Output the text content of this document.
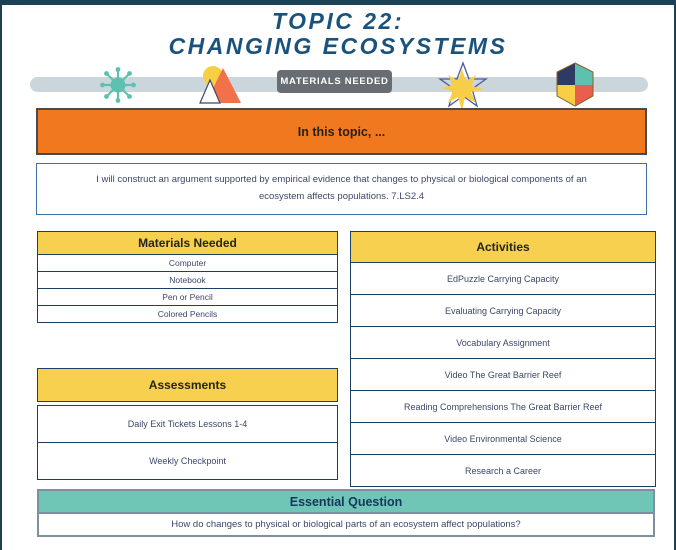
TOPIC 22:
CHANGING ECOSYSTEMS
MATERIALS NEEDED
In this topic, ...
I will construct an argument supported by empirical evidence that changes to physical or biological components of an ecosystem affects populations. 7.LS2.4
Materials Needed
Computer
Notebook
Pen or Pencil
Colored Pencils
Activities
EdPuzzle Carrying Capacity
Evaluating Carrying Capacity
Vocabulary Assignment
Video The Great Barrier Reef
Reading Comprehensions The Great Barrier Reef
Video Environmental Science
Research a Career
Assessments
Daily Exit Tickets Lessons 1-4
Weekly Checkpoint
Essential Question
How do changes to physical or biological parts of an ecosystem affect populations?
